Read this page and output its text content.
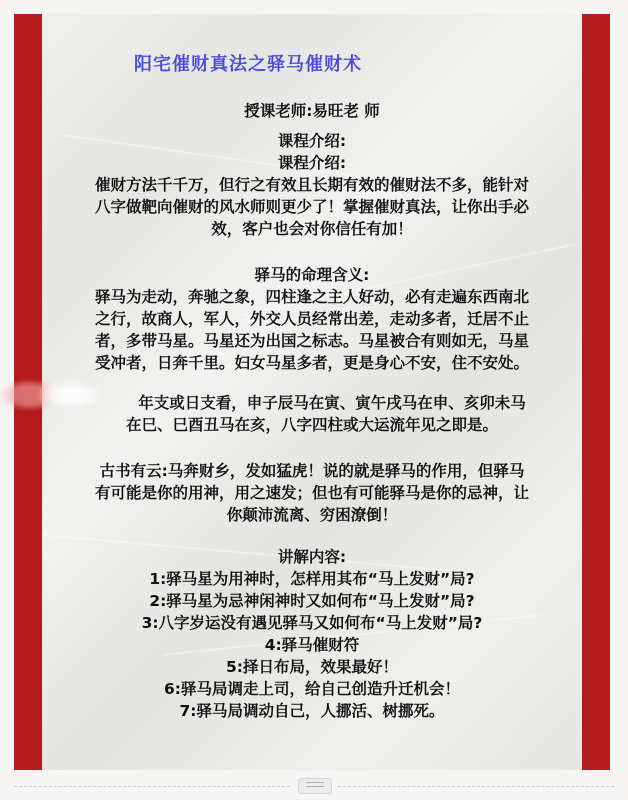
阳宅催财真法之驿马催财术
授课老师:易旺老 师
课程介绍:
课程介绍:
催财方法千千万，但行之有效且长期有效的催财法不多，能针对
八字做靶向催财的风水师则更少了！掌握催财真法，让你出手必
效，客户也会对你信任有加！
驿马的命理含义:
驿马为走动，奔驰之象，四柱逢之主人好动，必有走遍东西南北
之行，故商人，军人，外交人员经常出差，走动多者，迁居不止
者，多带马星。马星还为出国之标志。马星被合有则如无，马星
受冲者，日奔千里。妇女马星多者，更是身心不安，住不安处。
年支或日支看，申子辰马在寅、寅午戌马在申、亥卯未马
在巳、巳酉丑马在亥，八字四柱或大运流年见之即是。
古书有云:马奔财乡，发如猛虎！说的就是驿马的作用，但驿马
有可能是你的用神，用之速发；但也有可能驿马是你的忌神，让
你颠沛流离、穷困潦倒！
讲解内容:
1:驿马星为用神时，怎样用其布“马上发财”局?
2:驿马星为忌神闲神时又如何布“马上发财”局?
3:八字岁运没有遇见驿马又如何布“马上发财”局?
4:驿马催财符
5:择日布局，效果最好！
6:驿马局调走上司，给自己创造升迁机会！
7:驿马局调动自己，人挪活、树挪死。
